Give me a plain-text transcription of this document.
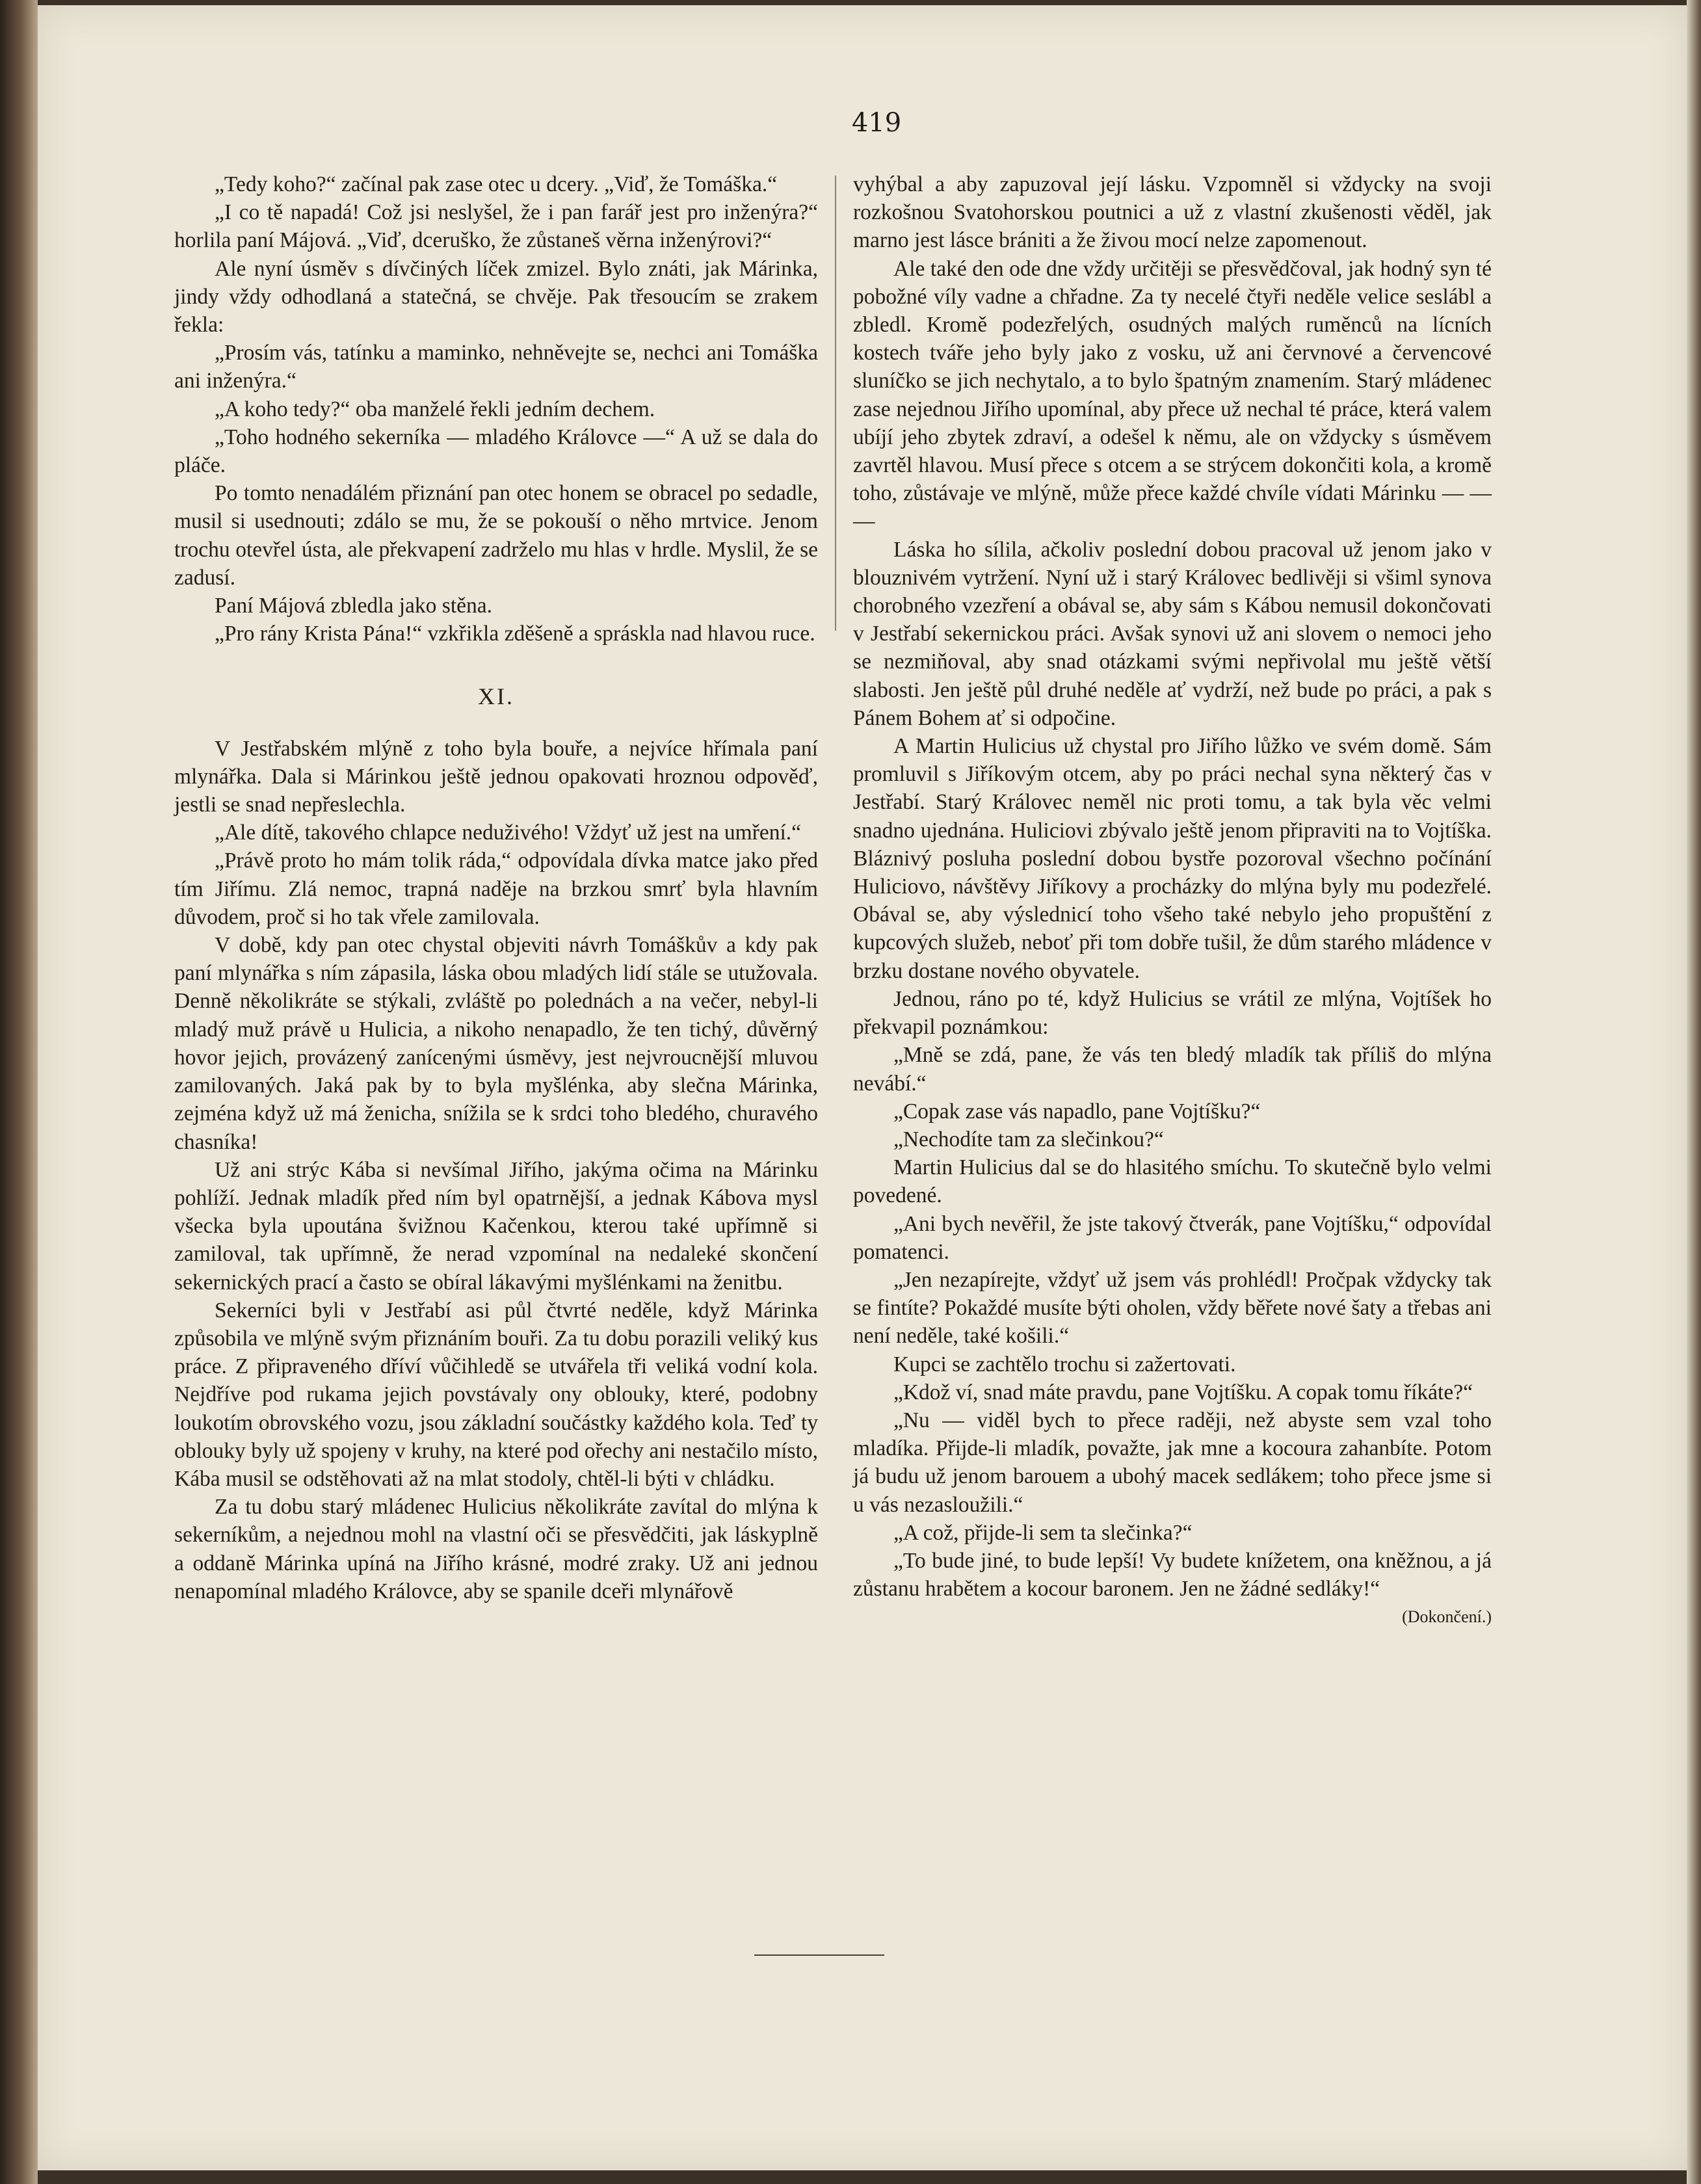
419

„Tedy koho?“ začínal pak zase otec u dcery. „Viď, že Tomáška.“

„I co tě napadá! Což jsi neslyšel, že i pan farář jest pro inženýra?“ horlila paní Májová. „Viď, dceruško, že zůstaneš věrna inženýrovi?“

Ale nyní úsměv s dívčiných líček zmizel. Bylo znáti, jak Márinka, jindy vždy odhodlaná a statečná, se chvěje. Pak třesoucím se zrakem řekla:

„Prosím vás, tatínku a maminko, nehněvejte se, nechci ani Tomáška ani inženýra.“

„A koho tedy?“ oba manželé řekli jedním dechem.

„Toho hodného sekerníka — mladého Královce —“ A už se dala do pláče.

Po tomto nenadálém přiznání pan otec honem se obracel po sedadle, musil si usednouti; zdálo se mu, že se pokouší o něho mrtvice. Jenom trochu otevřel ústa, ale překvapení zadrželo mu hlas v hrdle. Myslil, že se zadusí.

Paní Májová zbledla jako stěna.

„Pro rány Krista Pána!“ vzkřikla zděšeně a spráskla nad hlavou ruce.

XI.

V Jestřabském mlýně z toho byla bouře, a nejvíce hřímala paní mlynářka. Dala si Márinkou ještě jednou opakovati hroznou odpověď, jestli se snad nepřeslechla.

„Ale dítě, takového chlapce neduživého! Vždyť už jest na umření.“

„Právě proto ho mám tolik ráda,“ odpovídala dívka matce jako před tím Jiřímu. Zlá nemoc, trapná naděje na brzkou smrť byla hlavním důvodem, proč si ho tak vřele zamilovala.

V době, kdy pan otec chystal objeviti návrh Tomáškův a kdy pak paní mlynářka s ním zápasila, láska obou mladých lidí stále se utužovala. Denně několikráte se stýkali, zvláště po polednách a na večer, nebyl-li mladý muž právě u Hulicia, a nikoho nenapadlo, že ten tichý, důvěrný hovor jejich, provázený zanícenými úsměvy, jest nejvroucnější mluvou zamilovaných. Jaká pak by to byla myšlénka, aby slečna Márinka, zejména když už má ženicha, snížila se k srdci toho bledého, churavého chasníka!

Už ani strýc Kába si nevšímal Jiřího, jakýma očima na Márinku pohlíží. Jednak mladík před ním byl opatrnější, a jednak Kábova mysl všecka byla upoutána švižnou Kačenkou, kterou také upřímně si zamiloval, tak upřímně, že nerad vzpomínal na nedaleké skončení sekernických prací a často se obíral lákavými myšlénkami na ženitbu.

Sekerníci byli v Jestřabí asi půl čtvrté neděle, když Márinka způsobila ve mlýně svým přiznáním bouři. Za tu dobu porazili veliký kus práce. Z připraveného dříví vůčihledě se utvářela tři veliká vodní kola. Nejdříve pod rukama jejich povstávaly ony oblouky, které, podobny loukotím obrovského vozu, jsou základní součástky každého kola. Teď ty oblouky byly už spojeny v kruhy, na které pod ořechy ani nestačilo místo, Kába musil se odstěhovati až na mlat stodoly, chtěl-li býti v chládku.

Za tu dobu starý mládenec Hulicius několikráte zavítal do mlýna k sekerníkům, a nejednou mohl na vlastní oči se přesvědčiti, jak láskyplně a oddaně Márinka upíná na Jiřího krásné, modré zraky. Už ani jednou nenapomínal mladého Královce, aby se spanile dceři mlynářově

vyhýbal a aby zapuzoval její lásku. Vzpomněl si vždycky na svoji rozkošnou Svatohorskou poutnici a už z vlastní zkušenosti věděl, jak marno jest lásce brániti a že živou mocí nelze zapomenout.

Ale také den ode dne vždy určitěji se přesvědčoval, jak hodný syn té pobožné víly vadne a chřadne. Za ty necelé čtyři neděle velice seslábl a zbledl. Kromě podezřelých, osudných malých ruměnců na lícních kostech tváře jeho byly jako z vosku, už ani červnové a červencové sluníčko se jich nechytalo, a to bylo špatným znamením. Starý mládenec zase nejednou Jiřího upomínal, aby přece už nechal té práce, která valem ubíjí jeho zbytek zdraví, a odešel k němu, ale on vždycky s úsměvem zavrtěl hlavou. Musí přece s otcem a se strýcem dokončiti kola, a kromě toho, zůstávaje ve mlýně, může přece každé chvíle vídati Márinku — — —

Láska ho sílila, ačkoliv poslední dobou pracoval už jenom jako v blouznivém vytržení. Nyní už i starý Královec bedlivěji si všiml synova chorobného vzezření a obával se, aby sám s Kábou nemusil dokončovati v Jestřabí sekernickou práci. Avšak synovi už ani slovem o nemoci jeho se nezmiňoval, aby snad otázkami svými nepřivolal mu ještě větší slabosti. Jen ještě půl druhé neděle ať vydrží, než bude po práci, a pak s Pánem Bohem ať si odpočine.

A Martin Hulicius už chystal pro Jiřího lůžko ve svém domě. Sám promluvil s Jiříkovým otcem, aby po práci nechal syna některý čas v Jestřabí. Starý Královec neměl nic proti tomu, a tak byla věc velmi snadno ujednána. Huliciovi zbývalo ještě jenom připraviti na to Vojtíška. Bláznivý posluha poslední dobou bystře pozoroval všechno počínání Huliciovo, návštěvy Jiříkovy a procházky do mlýna byly mu podezřelé. Obával se, aby výslednicí toho všeho také nebylo jeho propuštění z kupcových služeb, neboť při tom dobře tušil, že dům starého mládence v brzku dostane nového obyvatele.

Jednou, ráno po té, když Hulicius se vrátil ze mlýna, Vojtíšek ho překvapil poznámkou:

„Mně se zdá, pane, že vás ten bledý mladík tak příliš do mlýna nevábí.“

„Copak zase vás napadlo, pane Vojtíšku?“

„Nechodíte tam za slečinkou?“

Martin Hulicius dal se do hlasitého smíchu. To skutečně bylo velmi povedené.

„Ani bych nevěřil, že jste takový čtverák, pane Vojtíšku,“ odpovídal pomatenci.

„Jen nezapírejte, vždyť už jsem vás prohlédl! Pročpak vždycky tak se fintíte? Pokaždé musíte býti oholen, vždy běřete nové šaty a třebas ani není neděle, také košili.“

Kupci se zachtělo trochu si zažertovati.

„Kdož ví, snad máte pravdu, pane Vojtíšku. A copak tomu říkáte?“

„Nu — viděl bych to přece raději, než abyste sem vzal toho mladíka. Přijde-li mladík, považte, jak mne a kocoura zahanbíte. Potom já budu už jenom barouem a ubohý macek sedlákem; toho přece jsme si u vás nezasloužili.“

„A což, přijde-li sem ta slečinka?“

„To bude jiné, to bude lepší! Vy budete knížetem, ona kněžnou, a já zůstanu hrabětem a kocour baronem. Jen ne žádné sedláky!“
(Dokončení.)
